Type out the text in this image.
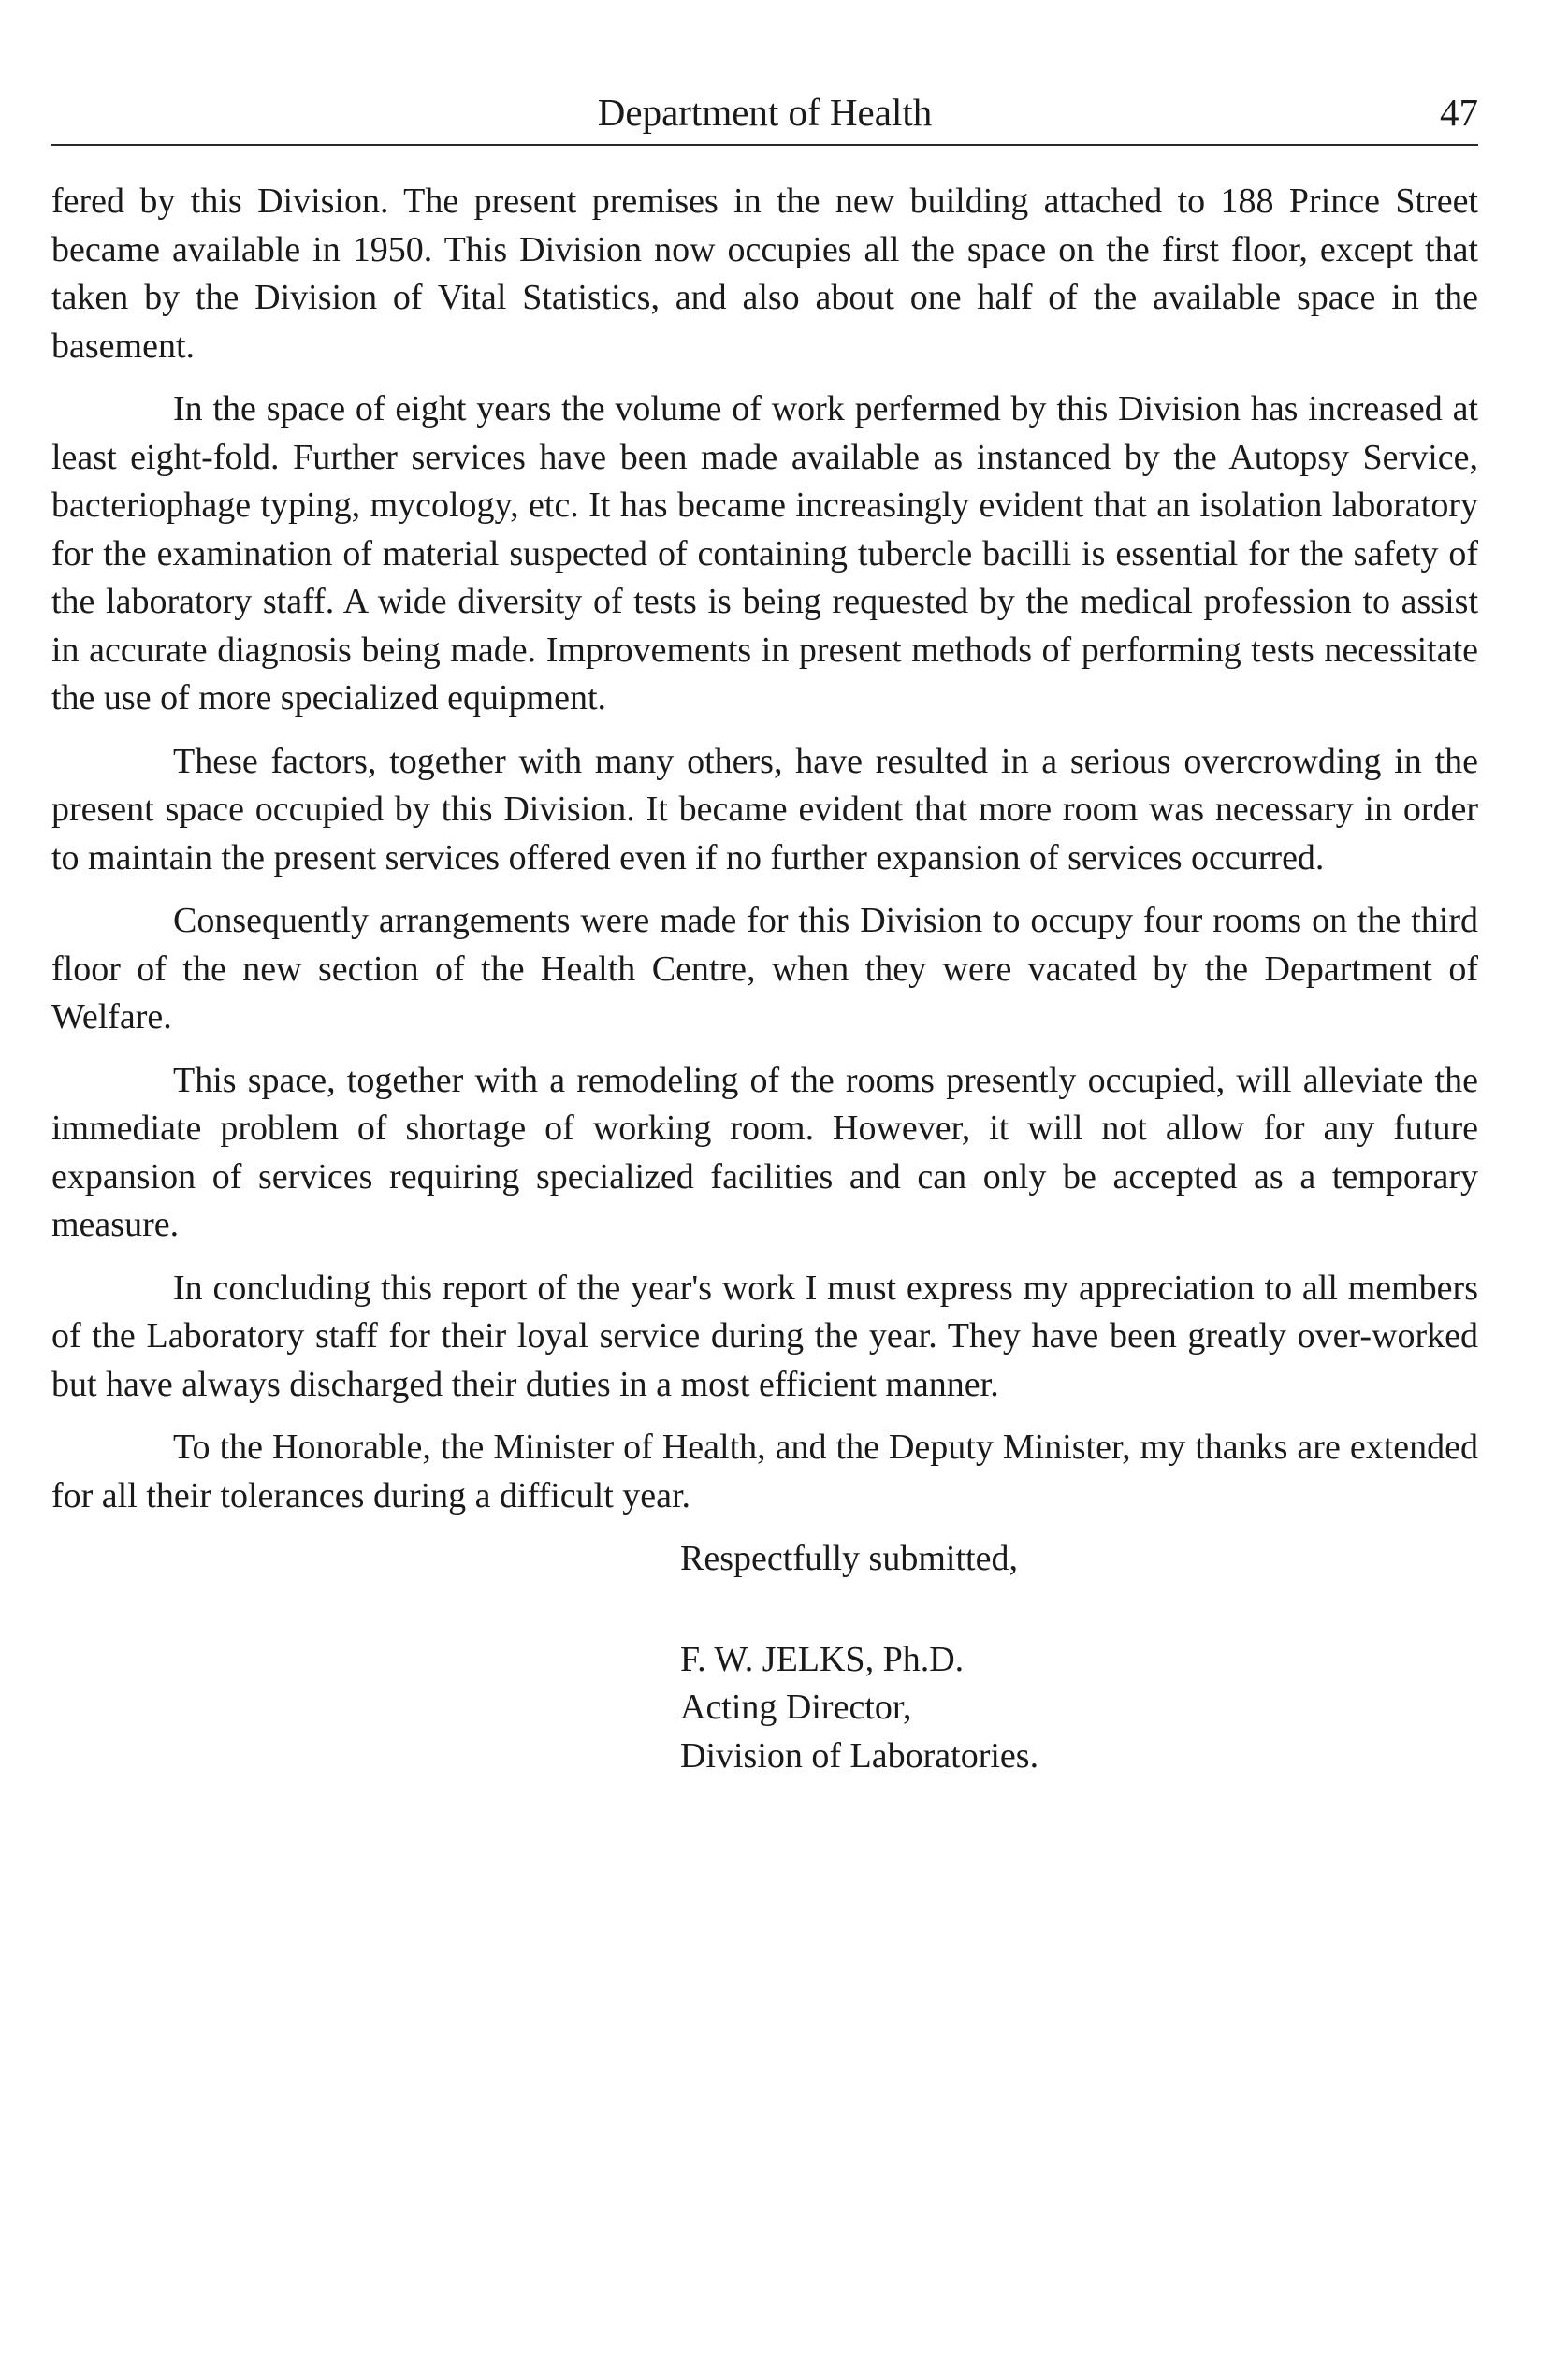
Department of Health	47

fered by this Division. The present premises in the new building attached to 188 Prince Street became available in 1950. This Division now occupies all the space on the first floor, except that taken by the Division of Vital Statistics, and also about one half of the available space in the basement.

In the space of eight years the volume of work perfermed by this Division has increased at least eight-fold. Further services have been made available as instanced by the Autopsy Service, bacteriophage typing, mycology, etc. It has became increasingly evident that an isolation laboratory for the examination of material suspected of containing tubercle bacilli is essential for the safety of the laboratory staff. A wide diversity of tests is being requested by the medical profession to assist in accurate diagnosis being made. Improvements in present methods of performing tests necessitate the use of more specialized equipment.

These factors, together with many others, have resulted in a serious overcrowding in the present space occupied by this Division. It became evident that more room was necessary in order to maintain the present services offered even if no further expansion of services occurred.

Consequently arrangements were made for this Division to occupy four rooms on the third floor of the new section of the Health Centre, when they were vacated by the Department of Welfare.

This space, together with a remodeling of the rooms presently occupied, will alleviate the immediate problem of shortage of working room. However, it will not allow for any future expansion of services requiring specialized facilities and can only be accepted as a temporary measure.

In concluding this report of the year's work I must express my appreciation to all members of the Laboratory staff for their loyal service during the year. They have been greatly over-worked but have always discharged their duties in a most efficient manner.

To the Honorable, the Minister of Health, and the Deputy Minister, my thanks are extended for all their tolerances during a difficult year.

Respectfully submitted,
F. W. JELKS, Ph.D.
Acting Director,
Division of Laboratories.
